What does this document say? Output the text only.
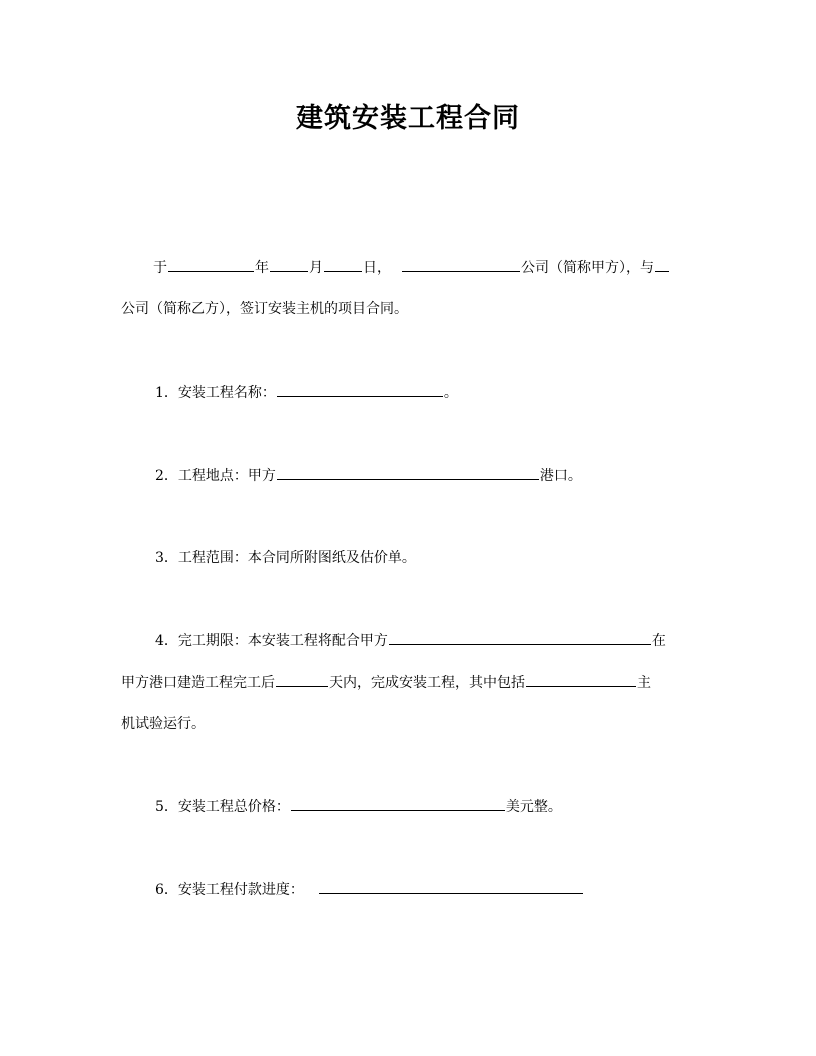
建筑安装工程合同
于	年	月	日，	公司（简称甲方），与
公司（简称乙方），签订安装主机的项目合同。
1．安装工程名称：	。
2．工程地点：甲方	港口。
3．工程范围：本合同所附图纸及估价单。
4．完工期限：本安装工程将配合甲方	在
甲方港口建造工程完工后	天内，完成安装工程，其中包括	主
机试验运行。
5．安装工程总价格：	美元整。
6．安装工程付款进度：
